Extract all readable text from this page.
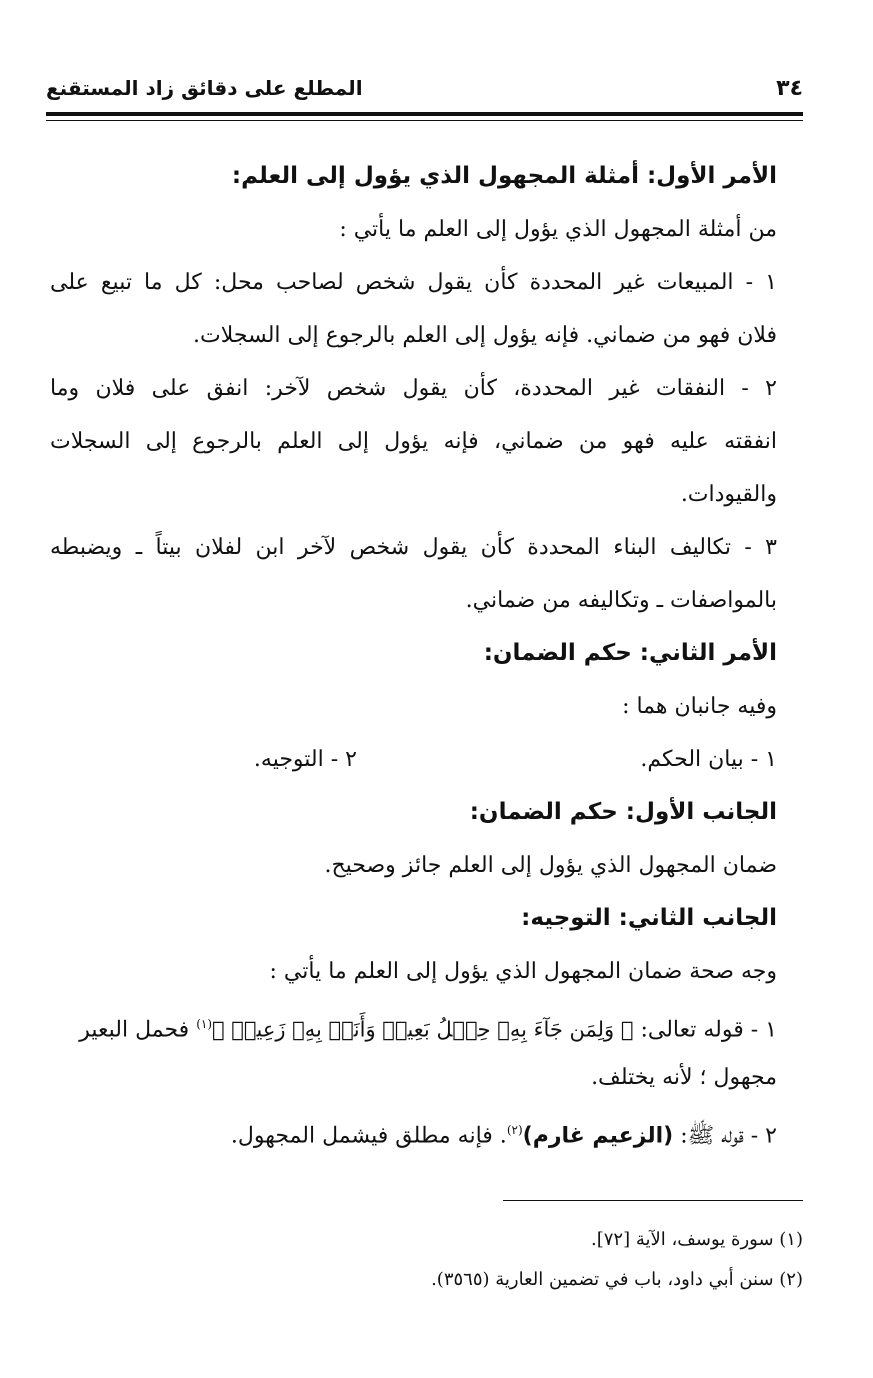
٣٤
المطلع على دقائق زاد المستقنع
الأمر الأول: أمثلة المجهول الذي يؤول إلى العلم:
من أمثلة المجهول الذي يؤول إلى العلم ما يأتي :
١ - المبيعات غير المحددة كأن يقول شخص لصاحب محل: كل ما تبيع على
فلان فهو من ضماني. فإنه يؤول إلى العلم بالرجوع إلى السجلات.
٢ - النفقات غير المحددة، كأن يقول شخص لآخر: انفق على فلان وما
انفقته عليه فهو من ضماني، فإنه يؤول إلى العلم بالرجوع إلى السجلات
والقيودات.
٣ - تكاليف البناء المحددة كأن يقول شخص لآخر ابن لفلان بيتاً ـ ويضبطه
بالمواصفات ـ وتكاليفه من ضماني.
الأمر الثاني: حكم الضمان:
وفيه جانبان هما :
١ - بيان الحكم.
٢ - التوجيه.
الجانب الأول: حكم الضمان:
ضمان المجهول الذي يؤول إلى العلم جائز وصحيح.
الجانب الثاني: التوجيه:
وجه صحة ضمان المجهول الذي يؤول إلى العلم ما يأتي :
١ - قوله تعالى: ﴿ وَلِمَن جَآءَ بِهِۦ حِمۡلُ بَعِيرٖ وَأَنَا۠ بِهِۦ زَعِيمٞ ﴾$^{(١)}$ فحمل البعير
مجهول ؛ لأنه يختلف.
٢ - قوله ﷺ: (الزعيم غارم)$^{(٢)}$. فإنه مطلق فيشمل المجهول.
(١) سورة يوسف، الآية [٧٢].
(٢) سنن أبي داود، باب في تضمين العارية (٣٥٦٥).
